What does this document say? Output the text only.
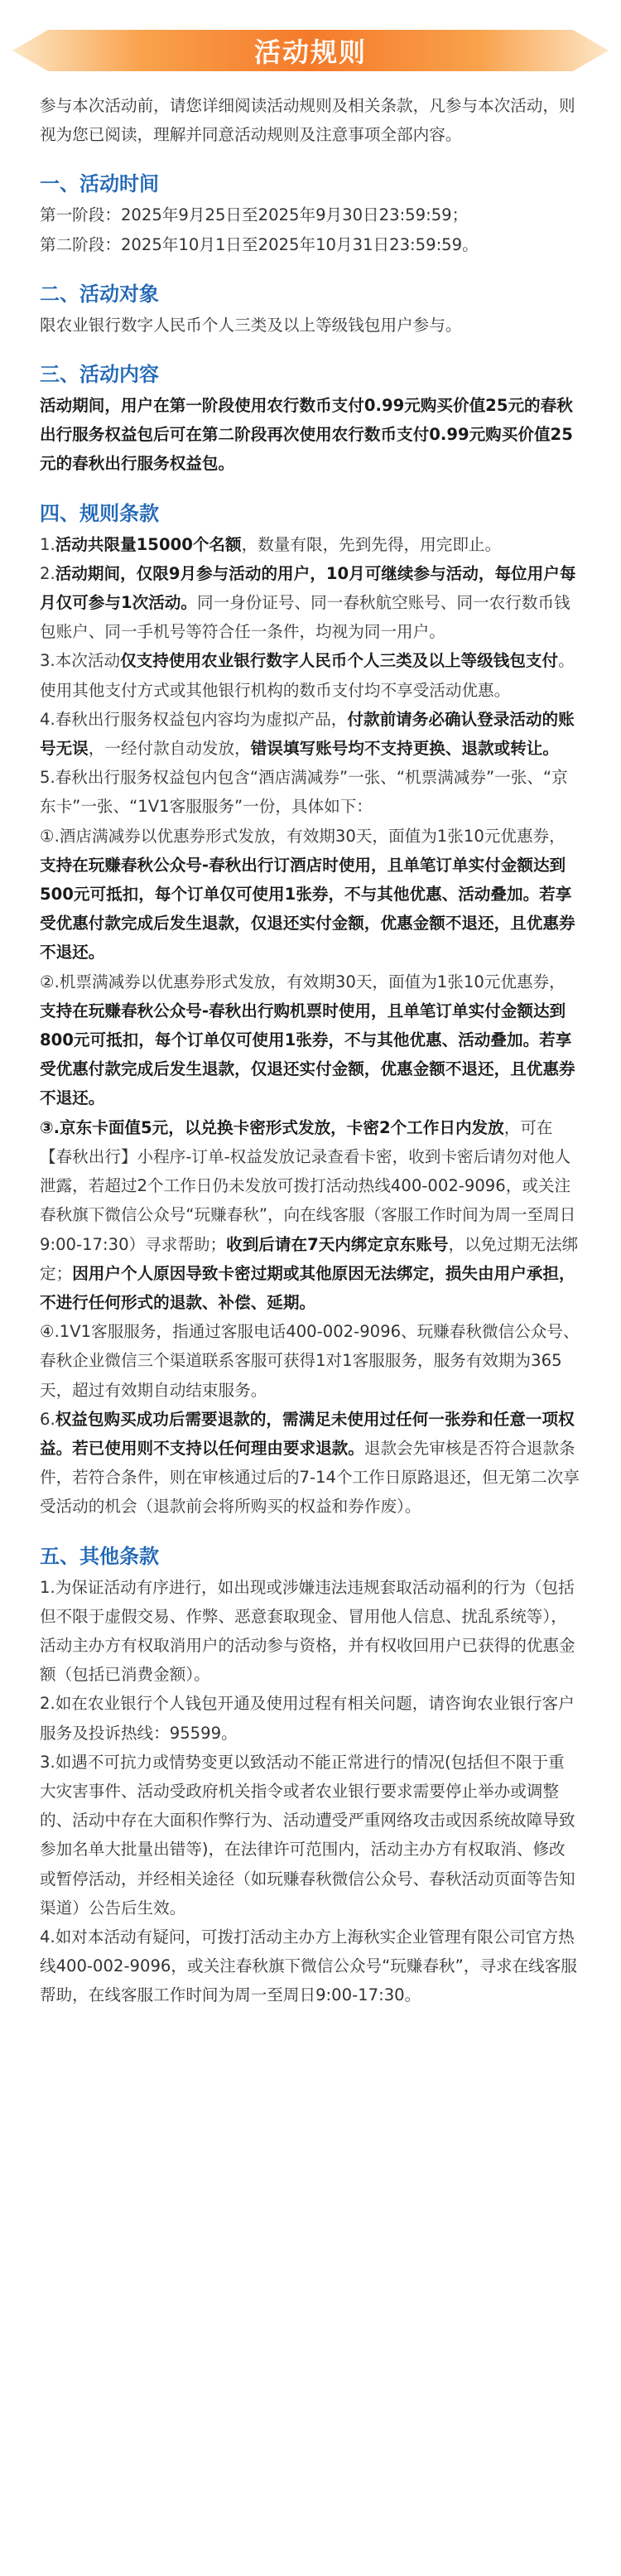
活动规则

参与本次活动前，请您详细阅读活动规则及相关条款，凡参与本次活动，则视为您已阅读，理解并同意活动规则及注意事项全部内容。

一、活动时间

第一阶段：2025年9月25日至2025年9月30日23:59:59；

第二阶段：2025年10月1日至2025年10月31日23:59:59。

二、活动对象

限农业银行数字人民币个人三类及以上等级钱包用户参与。

三、活动内容

活动期间，用户在第一阶段使用农行数币支付0.99元购买价值25元的春秋出行服务权益包后可在第二阶段再次使用农行数币支付0.99元购买价值25元的春秋出行服务权益包。

四、规则条款

1.活动共限量15000个名额，数量有限，先到先得，用完即止。

2.活动期间，仅限9月参与活动的用户，10月可继续参与活动，每位用户每月仅可参与1次活动。同一身份证号、同一春秋航空账号、同一农行数币钱包账户、同一手机号等符合任一条件，均视为同一用户。

3.本次活动仅支持使用农业银行数字人民币个人三类及以上等级钱包支付。使用其他支付方式或其他银行机构的数币支付均不享受活动优惠。

4.春秋出行服务权益包内容均为虚拟产品，付款前请务必确认登录活动的账号无误，一经付款自动发放，错误填写账号均不支持更换、退款或转让。

5.春秋出行服务权益包内包含“酒店满减券”一张、“机票满减券”一张、“京东卡”一张、“1V1客服服务”一份，具体如下：

①.酒店满减券以优惠券形式发放，有效期30天，面值为1张10元优惠券，支持在玩赚春秋公众号-春秋出行订酒店时使用，且单笔订单实付金额达到500元可抵扣，每个订单仅可使用1张券，不与其他优惠、活动叠加。若享受优惠付款完成后发生退款，仅退还实付金额，优惠金额不退还，且优惠券不退还。

②.机票满减券以优惠券形式发放，有效期30天，面值为1张10元优惠券，支持在玩赚春秋公众号-春秋出行购机票时使用，且单笔订单实付金额达到800元可抵扣，每个订单仅可使用1张券，不与其他优惠、活动叠加。若享受优惠付款完成后发生退款，仅退还实付金额，优惠金额不退还，且优惠券不退还。

③.京东卡面值5元，以兑换卡密形式发放，卡密2个工作日内发放，可在【春秋出行】小程序-订单-权益发放记录查看卡密，收到卡密后请勿对他人泄露，若超过2个工作日仍未发放可拨打活动热线400-002-9096，或关注春秋旗下微信公众号“玩赚春秋”，向在线客服（客服工作时间为周一至周日9:00-17:30）寻求帮助；收到后请在7天内绑定京东账号，以免过期无法绑定；因用户个人原因导致卡密过期或其他原因无法绑定，损失由用户承担，不进行任何形式的退款、补偿、延期。

④.1V1客服服务，指通过客服电话400-002-9096、玩赚春秋微信公众号、春秋企业微信三个渠道联系客服可获得1对1客服服务，服务有效期为365天，超过有效期自动结束服务。

6.权益包购买成功后需要退款的，需满足未使用过任何一张券和任意一项权益。若已使用则不支持以任何理由要求退款。退款会先审核是否符合退款条件，若符合条件，则在审核通过后的7-14个工作日原路退还，但无第二次享受活动的机会（退款前会将所购买的权益和券作废）。

五、其他条款

1.为保证活动有序进行，如出现或涉嫌违法违规套取活动福利的行为（包括但不限于虚假交易、作弊、恶意套取现金、冒用他人信息、扰乱系统等），活动主办方有权取消用户的活动参与资格，并有权收回用户已获得的优惠金额（包括已消费金额）。

2.如在农业银行个人钱包开通及使用过程有相关问题，请咨询农业银行客户服务及投诉热线：95599。

3.如遇不可抗力或情势变更以致活动不能正常进行的情况(包括但不限于重大灾害事件、活动受政府机关指令或者农业银行要求需要停止举办或调整的、活动中存在大面积作弊行为、活动遭受严重网络攻击或因系统故障导致参加名单大批量出错等)，在法律许可范围内，活动主办方有权取消、修改或暂停活动，并经相关途径（如玩赚春秋微信公众号、春秋活动页面等告知渠道）公告后生效。

4.如对本活动有疑问，可拨打活动主办方上海秋实企业管理有限公司官方热线400-002-9096，或关注春秋旗下微信公众号“玩赚春秋”，寻求在线客服帮助，在线客服工作时间为周一至周日9:00-17:30。
